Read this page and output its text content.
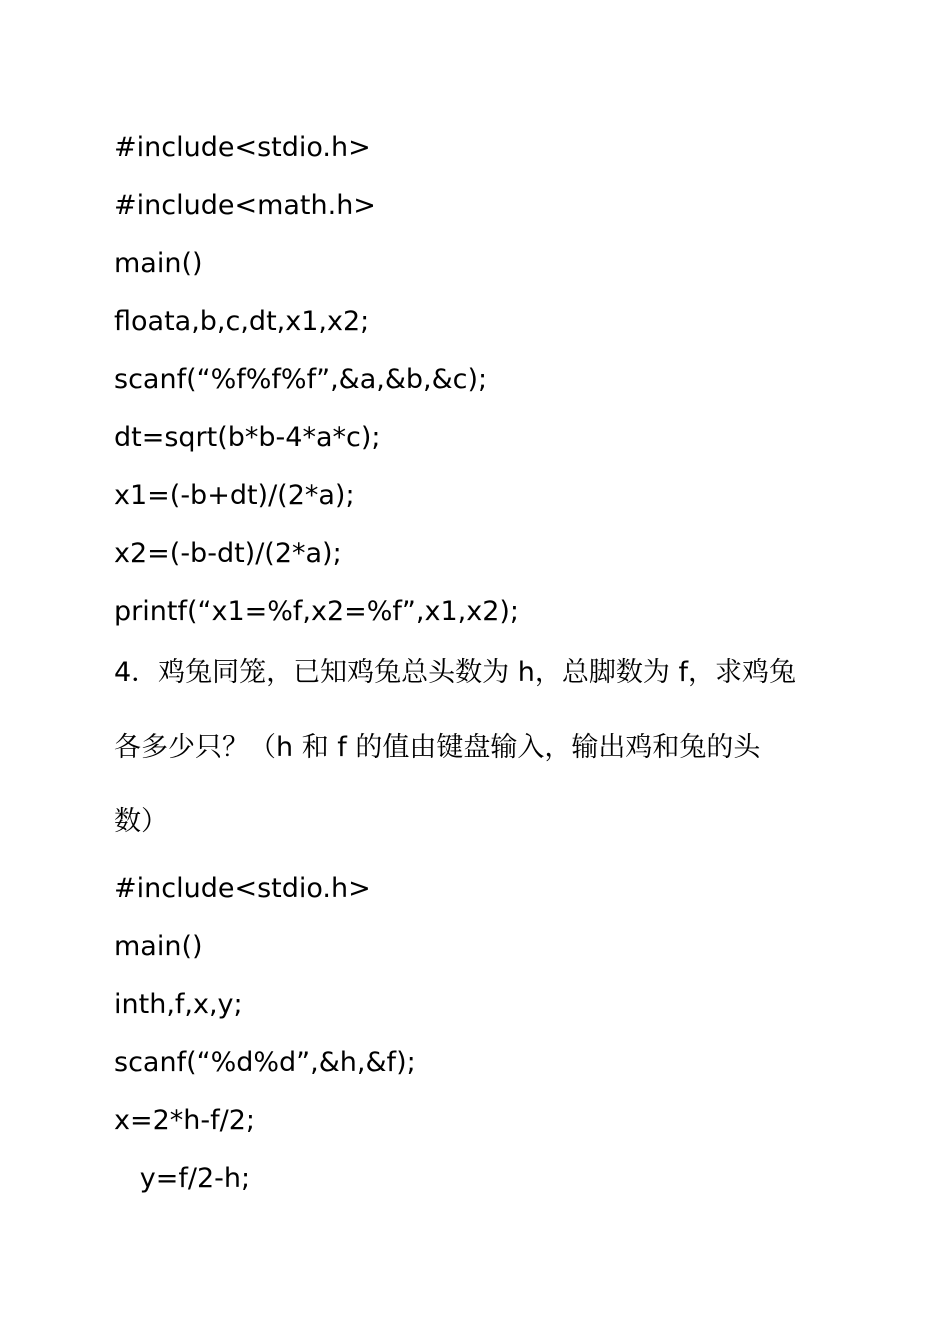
#include<stdio.h>
#include<math.h>
main()
floata,b,c,dt,x1,x2;
scanf(“%f%f%f”,&a,&b,&c);
dt=sqrt(b*b-4*a*c);
x1=(-b+dt)/(2*a);
x2=(-b-dt)/(2*a);
printf(“x1=%f,x2=%f”,x1,x2);
4．鸡兔同笼，已知鸡兔总头数为 h，总脚数为 f，求鸡兔
各多少只？（h 和 f 的值由键盘输入，输出鸡和兔的头
数）
#include<stdio.h>
main()
inth,f,x,y;
scanf(“%d%d”,&h,&f);
x=2*h-f/2;
y=f/2-h;
